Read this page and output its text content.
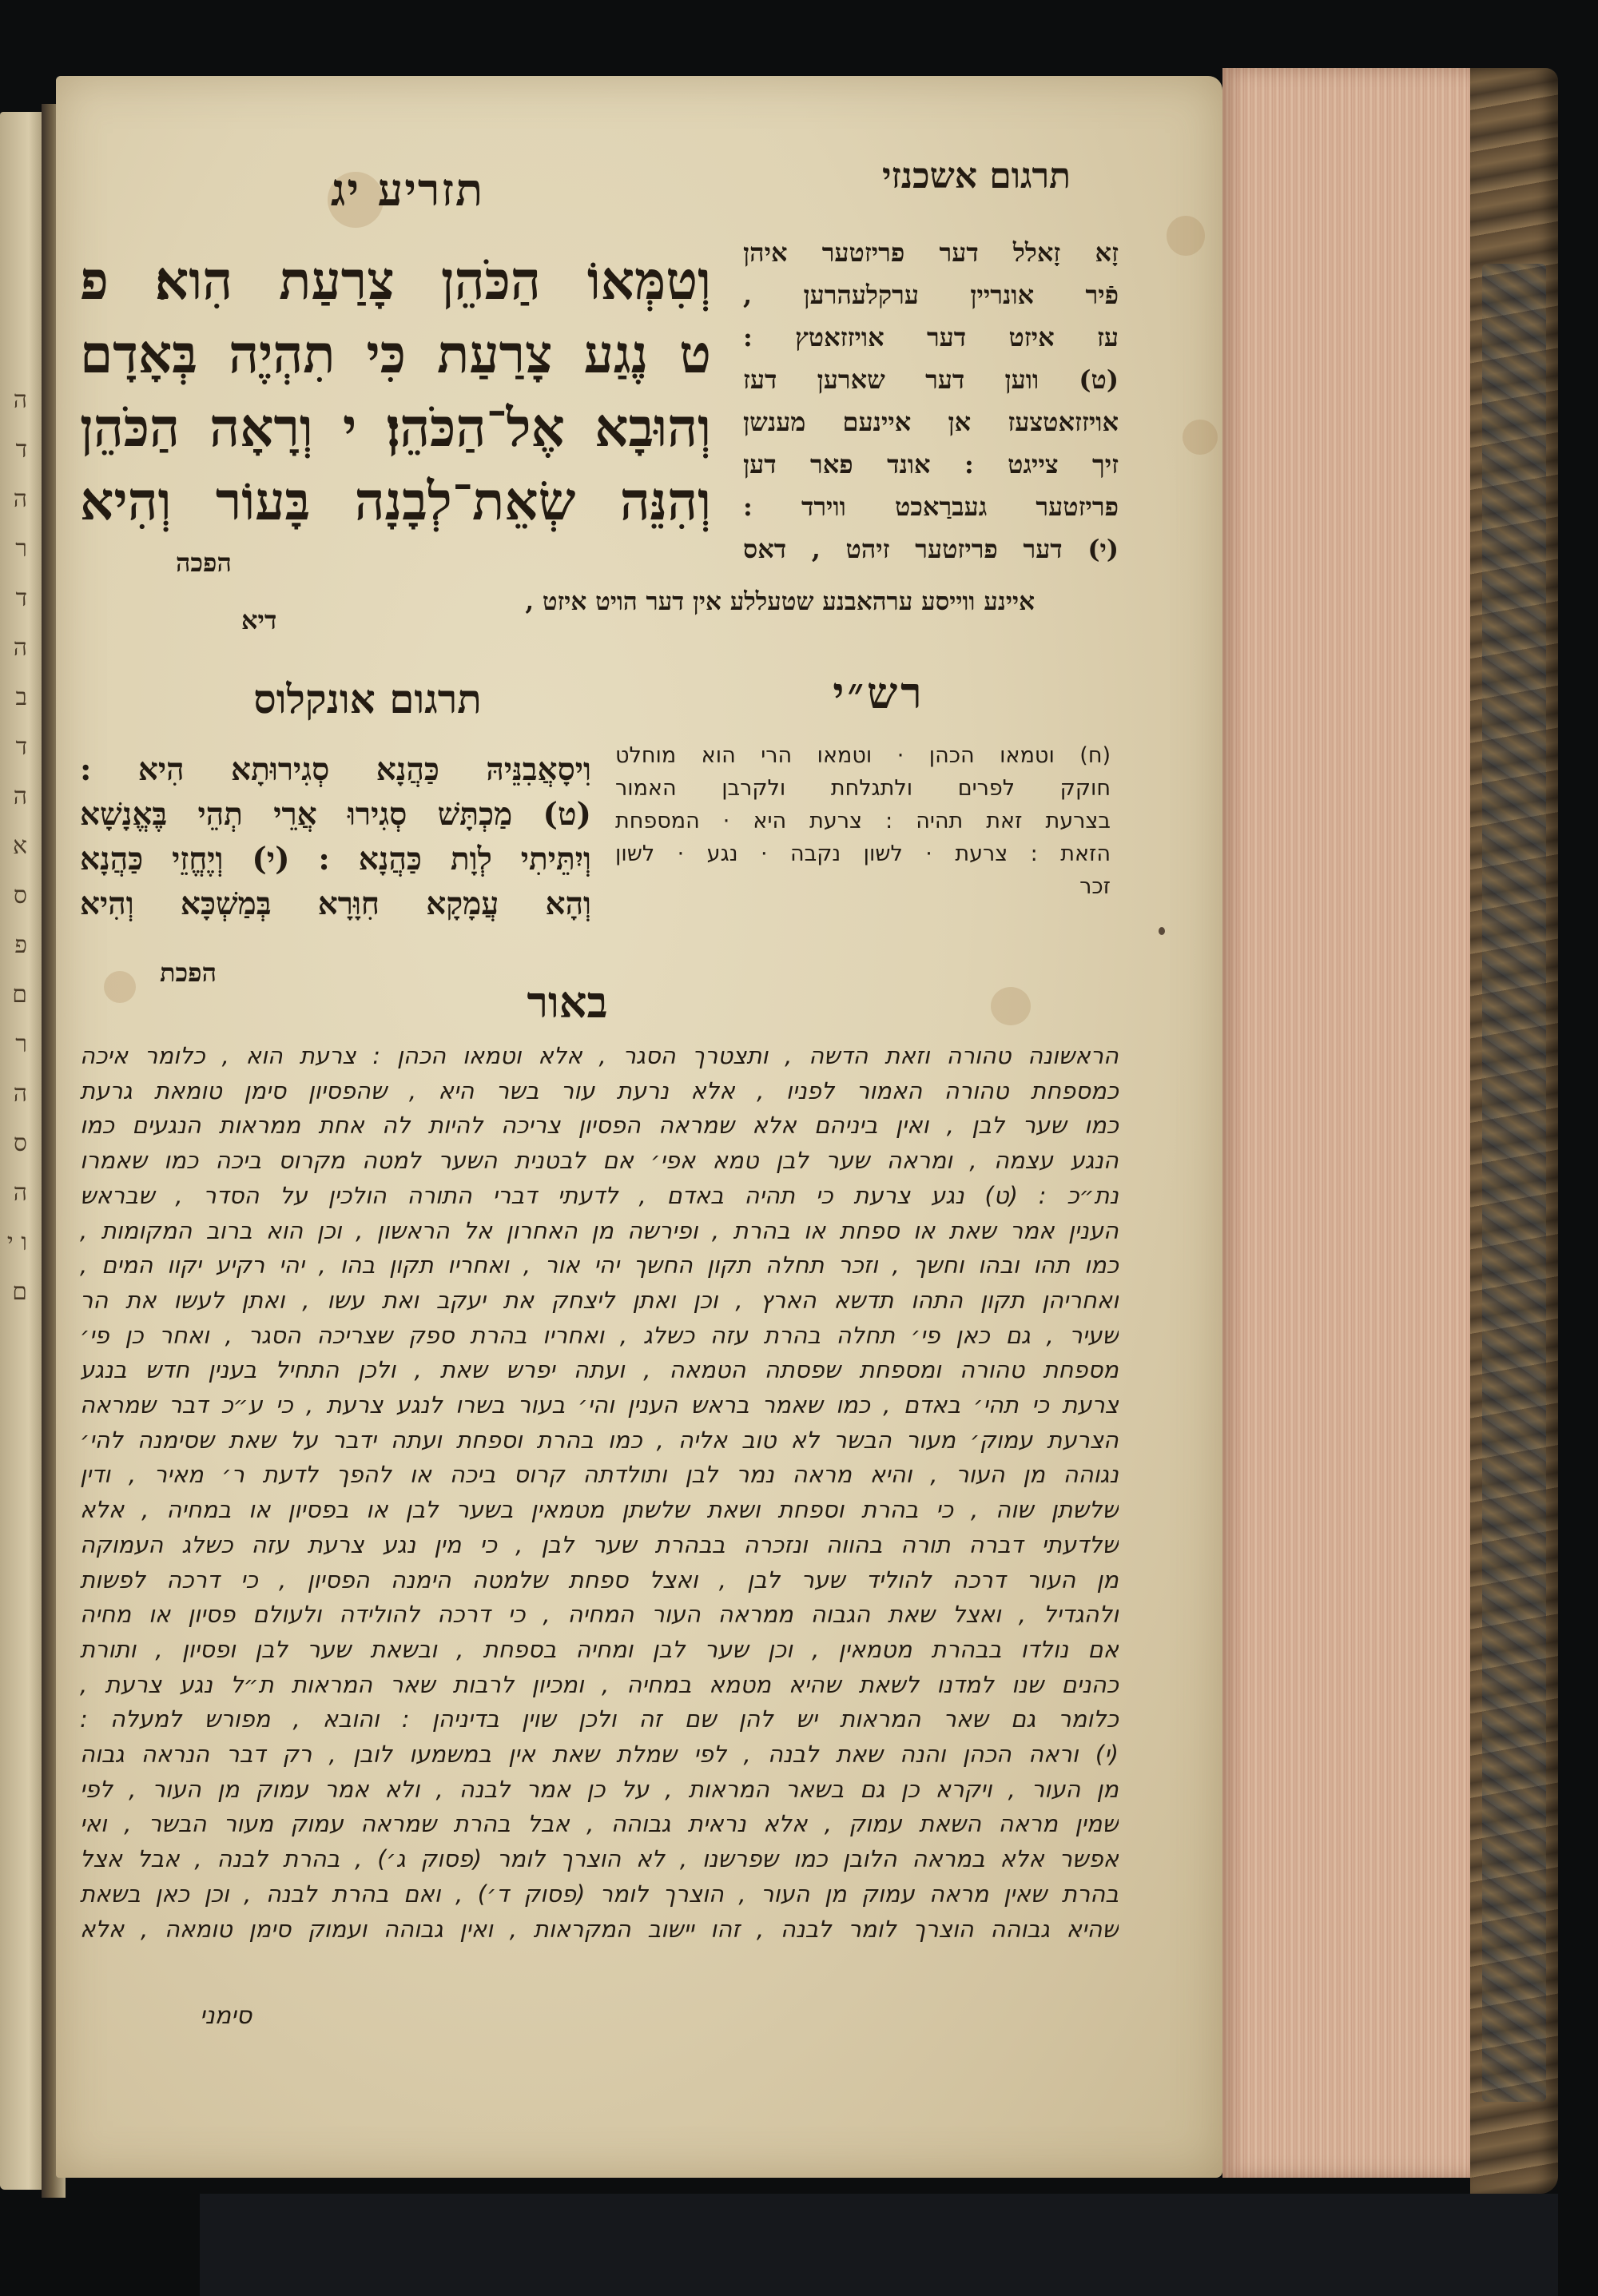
ה ד ה ר ד ה ב ד ה א ס פ ם ר ה ס ה ו י ם
תרגום אשכנזי
תזריע יג
וְטִמְּאוֹ הַכֹּהֵן צָרַעַת הִוא׃ פ
ט נֶגַע צָרַעַת כִּי תִהְיֶה בְּאָדָם
וְהוּבָא אֶל־הַכֹּהֵן׃ י וְרָאָה הַכֹּהֵן
וְהִנֵּה שְׂאֵת־לְבָנָה בָּעוֹר וְהִיא
הפכה
זָא זָאלל דער פריזטער איהן
פֿיר אונריין ערקלעהרען ,
עז איזט דער אויזזאטץ :
(ט) ווען דער שארען דעז
אויזזאטצעז אן איינעם מענשן
זיך צייגט : אונד פאר דען
פריזטער געברַאכט ווירד :
(י) דער פריזטער זיהט , דאס
איינע ווייסע ערהאבנע שטעללע אין דער הויט איזט ,
דיא
רש״י
תרגום אונקלוס
(ח) וטמאו הכהן · וטמאו הרי הוא מוחלט
חוקק לפרים ולתגלחת ולקרבן האמור
בצרעת זאת תהיה : צרעת היא · המספחת
הזאת : צרעת · לשון נקבה · נגע · לשון
זכר
וִיסָאֲבִנֵּיהּ כַּהֲנָא סְגִירוּתָא הִיא :
(ט) מַכְתָּשׁ סְגִירוּ אֲרֵי תְהֵי בֶּאֱנָשָׁא
וְיִתֵּיתִי לְוָת כַּהֲנָא : (י) וְיֶחֱזֵי כַּהֲנָא
וְהָא עֲמָקָא חִוָּרָא בְּמַשְׁכָּא וְהִיא
הפכת
באור
הראשונה טהורה וזאת הדשה , ותצטרך הסגר , אלא וטמאו הכהן : צרעת הוא , כלומר איכה
כמספחת טהורה האמור לפניו , אלא נרעת עור בשר היא , שהפסיון סימן טומאת גרעת
כמו שער לבן , ואין ביניהם אלא שמראה הפסיון צריכה להיות לה אחת ממראות הנגעים כמו
הנגע עצמה , ומראה שער לבן טמא אפי׳ אם לבטנית השער למטה מקרוס ביכה כמו שאמרו
נת״כ : (ט) נגע צרעת כי תהיה באדם , לדעתי דברי התורה הולכין על הסדר , שבראש
הענין אמר שאת או ספחת או בהרת , ופירשה מן האחרון אל הראשון , וכן הוא ברוב המקומות ,
כמו תהו ובהו וחשך , וזכר תחלה תקון החשך יהי אור , ואחריו תקון בהו , יהי רקיע יקוו המים ,
ואחריהן תקון התהו תדשא הארץ , וכן ואתן ליצחק את יעקב ואת עשו , ואתן לעשו את הר
שעיר , גם כאן פי׳ תחלה בהרת עזה כשלג , ואחריו בהרת ספק שצריכה הסגר , ואחר כן פי׳
מספחת טהורה ומספחת שפסתה הטמאה , ועתה יפרש שאת , ולכן התחיל בענין חדש בנגע
צרעת כי תהי׳ באדם , כמו שאמר בראש הענין והי׳ בעור בשרו לנגע צרעת , כי ע״כ דבר שמראה
הצרעת עמוק׳ מעור הבשר לא טוב אליה , כמו בהרת וספחת ועתה ידבר על שאת שסימנה להי׳
נגוהה מן העור , והיא מראה נמר לבן ותולדתה קרוס ביכה או להפך לדעת ר׳ מאיר , ודין
שלשתן שוה , כי בהרת וספחת ושאת שלשתן מטמאין בשער לבן או בפסיון או במחיה , אלא
שלדעתי דברה תורה בהווה ונזכרה בבהרת שער לבן , כי מין נגע צרעת עזה כשלג העמוקה
מן העור דרכה להוליד שער לבן , ואצל ספחת שלמטה הימנה הפסיון , כי דרכה לפשות
ולהגדיל , ואצל שאת הגבוה ממראה העור המחיה , כי דרכה להולידה ולעולם פסיון או מחיה
אם נולדו בבהרת מטמאין , וכן שער לבן ומחיה בספחת , ובשאת שער לבן ופסיון , ותורת
כהנים שנו למדנו לשאת שהיא מטמא במחיה , ומכיון לרבות שאר המראות ת״ל נגע צרעת ,
כלומר גם שאר המראות יש להן שם זה ולכן שוין בדיניהן : והובא , מפורש למעלה :
(י) וראה הכהן והנה שאת לבנה , לפי שמלת שאת אין במשמעו לובן , רק דבר הנראה גבוה
מן העור , ויקרא כן גם בשאר המראות , על כן אמר לבנה , ולא אמר עמוק מן העור , לפי
שמין מראה השאת עמוק , אלא נראית גבוהה , אבל בהרת שמראה עמוק מעור הבשר , ואי
אפשר אלא במראה הלובן כמו שפרשנו , לא הוצרך לומר (פסוק ג׳) , בהרת לבנה , אבל אצל
בהרת שאין מראה עמוק מן העור , הוצרך לומר (פסוק ד׳) , ואם בהרת לבנה , וכן כאן בשאת
שהיא גבוהה הוצרך לומר לבנה , זהו יישוב המקראות , ואין גבוהה ועמוק סימן טומאה , אלא
סימני
